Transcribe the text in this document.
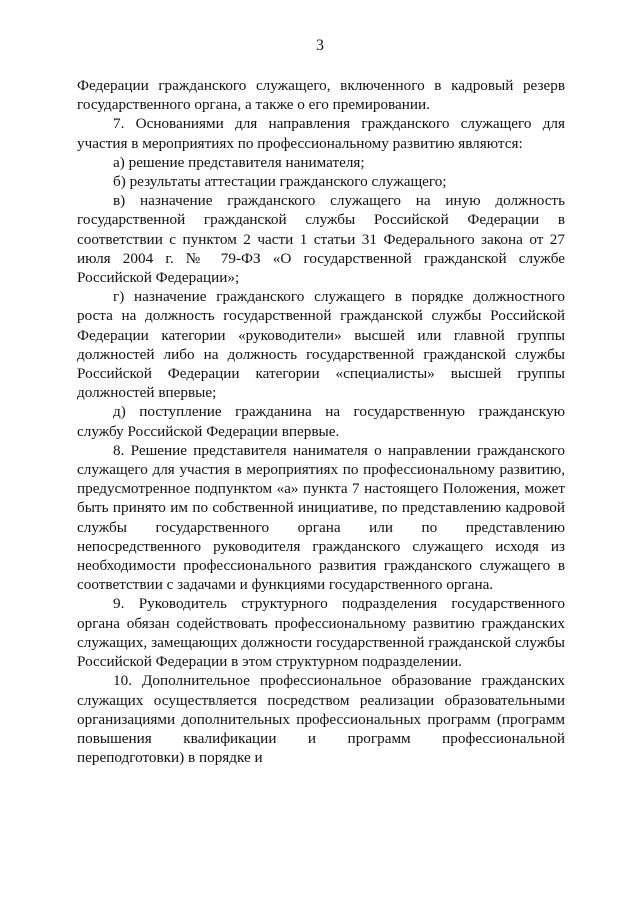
3

Федерации гражданского служащего, включенного в кадровый резерв государственного органа, а также о его премировании.

7. Основаниями для направления гражданского служащего для участия в мероприятиях по профессиональному развитию являются:

а) решение представителя нанимателя;

б) результаты аттестации гражданского служащего;

в) назначение гражданского служащего на иную должность государственной гражданской службы Российской Федерации в соответствии с пунктом 2 части 1 статьи 31 Федерального закона от 27 июля 2004 г. № 79-ФЗ «О государственной гражданской службе Российской Федерации»;

г) назначение гражданского служащего в порядке должностного роста на должность государственной гражданской службы Российской Федерации категории «руководители» высшей или главной группы должностей либо на должность государственной гражданской службы Российской Федерации категории «специалисты» высшей группы должностей впервые;

д) поступление гражданина на государственную гражданскую службу Российской Федерации впервые.

8. Решение представителя нанимателя о направлении гражданского служащего для участия в мероприятиях по профессиональному развитию, предусмотренное подпунктом «а» пункта 7 настоящего Положения, может быть принято им по собственной инициативе, по представлению кадровой службы государственного органа или по представлению непосредственного руководителя гражданского служащего исходя из необходимости профессионального развития гражданского служащего в соответствии с задачами и функциями государственного органа.

9. Руководитель структурного подразделения государственного органа обязан содействовать профессиональному развитию гражданских служащих, замещающих должности государственной гражданской службы Российской Федерации в этом структурном подразделении.

10. Дополнительное профессиональное образование гражданских служащих осуществляется посредством реализации образовательными организациями дополнительных профессиональных программ (программ повышения квалификации и программ профессиональной переподготовки) в порядке и
